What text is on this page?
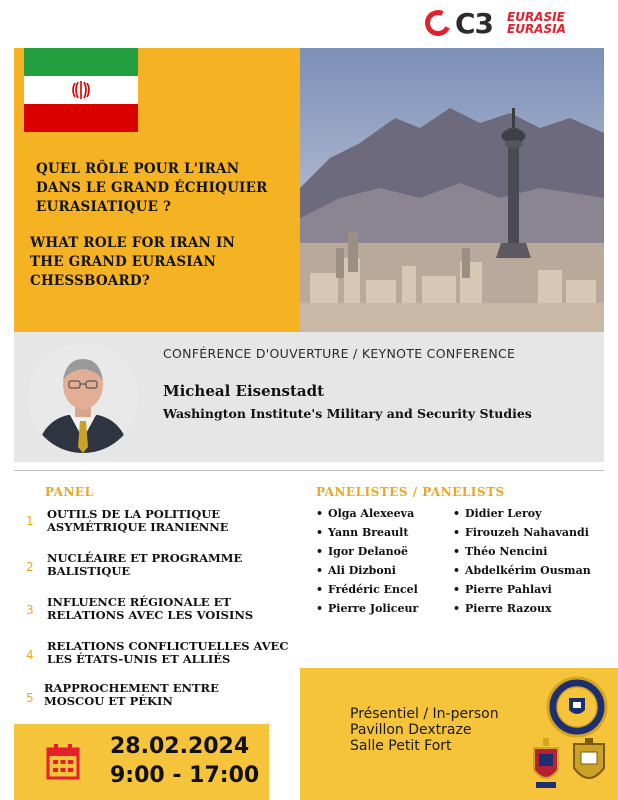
C3 EURASIE
EURASIA
QUEL RÔLE POUR L'IRAN
DANS LE GRAND ÉCHIQUIER
EURASIATIQUE ?
WHAT ROLE FOR IRAN IN
THE GRAND EURASIAN
CHESSBOARD?
CONFÉRENCE D'OUVERTURE / KEYNOTE CONFERENCE
Micheal Eisenstadt
Washington Institute's Military and Security Studies
PANEL
1 OUTILS DE LA POLITIQUE
ASYMÉTRIQUE IRANIENNE
2
NUCLÉAIRE ET PROGRAMME
BALISTIQUE
3
INFLUENCE RÉGIONALE ET
RELATIONS AVEC LES VOISINS
4
RELATIONS CONFLICTUELLES AVEC
LES ÉTATS-UNIS ET ALLIÉS
5
RAPPROCHEMENT ENTRE
MOSCOU ET PÉKIN
PANELISTES / PANELISTS
• Olga Alexeeva
• Yann Breault
• Igor Delanoë
• Ali Dizboni
• Frédéric Encel
• Pierre Joliceur
• Didier Leroy
• Firouzeh Nahavandi
• Théo Nencini
• Abdelkérim Ousman
• Pierre Pahlavi
• Pierre Razoux
Présentiel / In-person
Pavillon Dextraze
Salle Petit Fort
28.02.2024
9:00 - 17:00
